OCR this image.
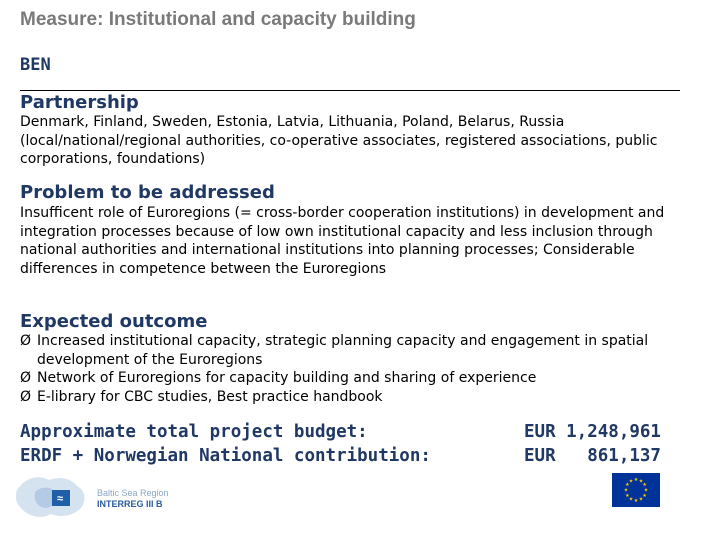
Measure: Institutional and capacity building
BEN
Partnership
Denmark, Finland, Sweden, Estonia, Latvia, Lithuania, Poland, Belarus, Russia (local/national/regional authorities, co-operative associates, registered associations, public corporations, foundations)
Problem to be addressed
Insufficent role of Euroregions (= cross-border cooperation institutions) in development and integration processes because of low own institutional capacity and less inclusion through national authorities and international institutions into planning processes; Considerable differences in competence between the Euroregions
Expected outcome
Ø Increased institutional capacity, strategic planning capacity and engagement in spatial development of the Euroregions
Ø Network of Euroregions for capacity building and sharing of experience
Ø E-library for CBC studies, Best practice handbook
Approximate total project budget:
ERDF + Norwegian National contribution:
EUR 1,248,961
EUR   861,137
≈	Baltic Sea Region
INTERREG III B
★ ★
★
★
★
★
★
★
★
★
★
★
